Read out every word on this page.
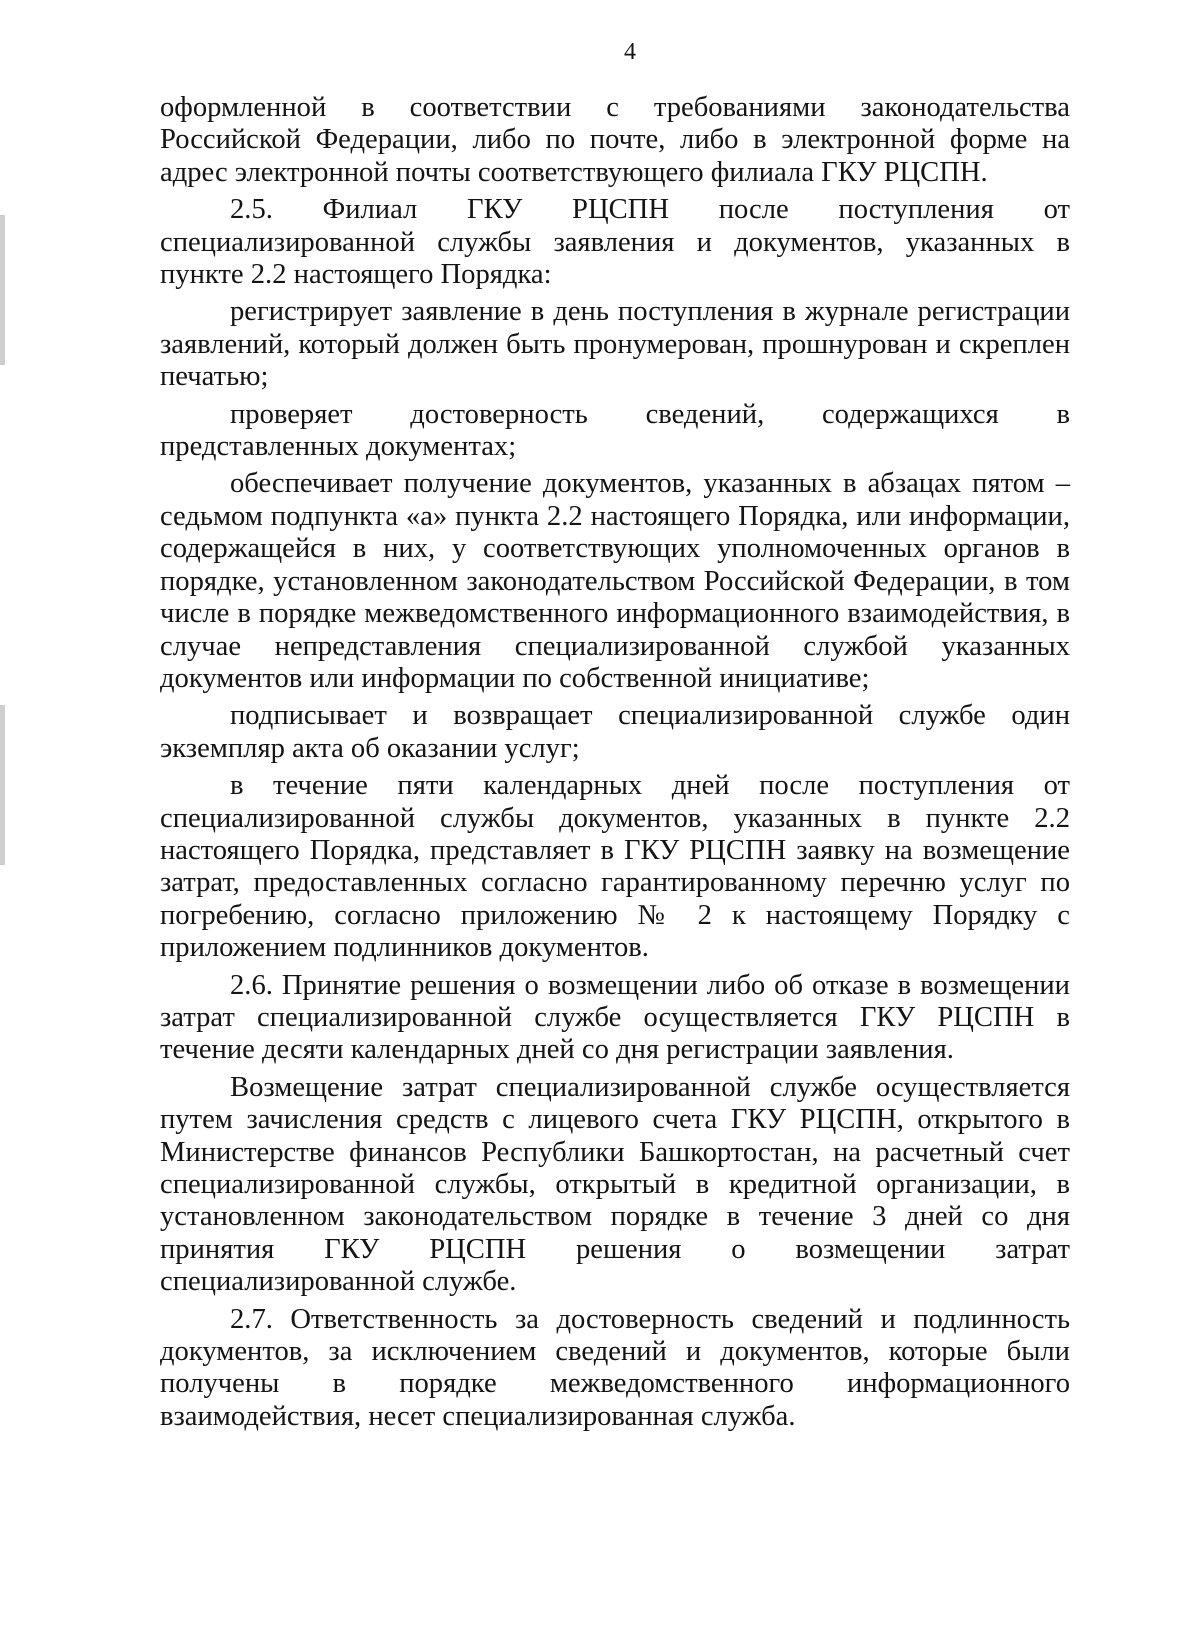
4

оформленной в соответствии с требованиями законодательства Российской Федерации, либо по почте, либо в электронной форме на адрес электронной почты соответствующего филиала ГКУ РЦСПН.

2.5. Филиал ГКУ РЦСПН после поступления от специализированной службы заявления и документов, указанных в пункте 2.2 настоящего Порядка:

регистрирует заявление в день поступления в журнале регистрации заявлений, который должен быть пронумерован, прошнурован и скреплен печатью;

проверяет достоверность сведений, содержащихся в представленных документах;

обеспечивает получение документов, указанных в абзацах пятом – седьмом подпункта «а» пункта 2.2 настоящего Порядка, или информации, содержащейся в них, у соответствующих уполномоченных органов в порядке, установленном законодательством Российской Федерации, в том числе в порядке межведомственного информационного взаимодействия, в случае непредставления специализированной службой указанных документов или информации по собственной инициативе;

подписывает и возвращает специализированной службе один экземпляр акта об оказании услуг;

в течение пяти календарных дней после поступления от специализированной службы документов, указанных в пункте 2.2 настоящего Порядка, представляет в ГКУ РЦСПН заявку на возмещение затрат, предоставленных согласно гарантированному перечню услуг по погребению, согласно приложению № 2 к настоящему Порядку с приложением подлинников документов.

2.6. Принятие решения о возмещении либо об отказе в возмещении затрат специализированной службе осуществляется ГКУ РЦСПН в течение десяти календарных дней со дня регистрации заявления.

Возмещение затрат специализированной службе осуществляется путем зачисления средств с лицевого счета ГКУ РЦСПН, открытого в Министерстве финансов Республики Башкортостан, на расчетный счет специализированной службы, открытый в кредитной организации, в установленном законодательством порядке в течение 3 дней со дня принятия ГКУ РЦСПН решения о возмещении затрат специализированной службе.

2.7. Ответственность за достоверность сведений и подлинность документов, за исключением сведений и документов, которые были получены в порядке межведомственного информационного взаимодействия, несет специализированная служба.
